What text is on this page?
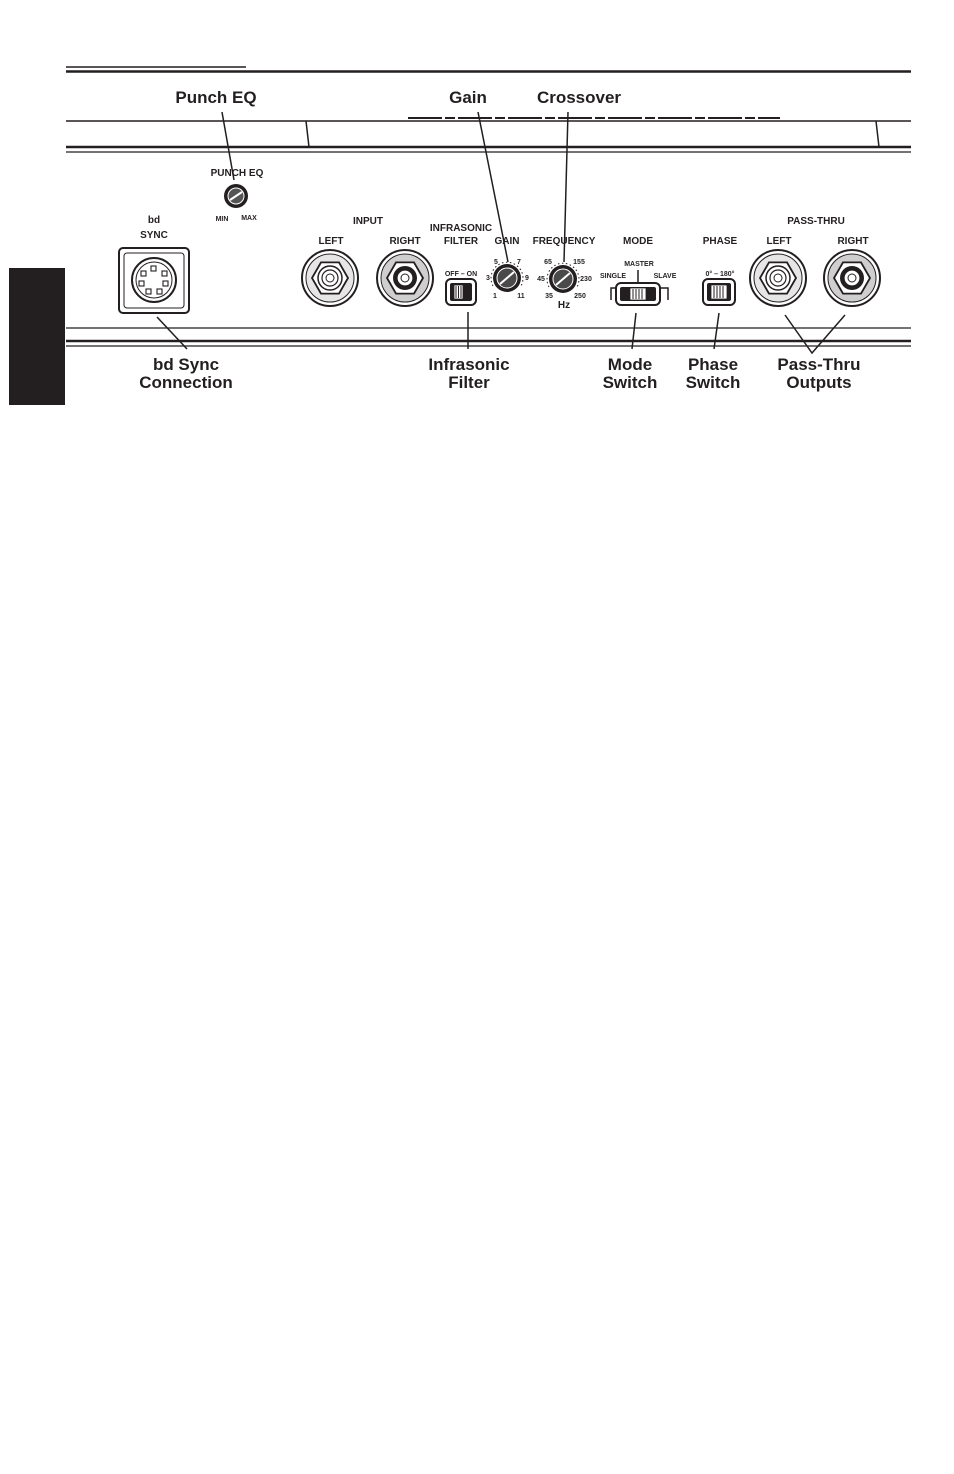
PUNCH EQ
MIN MAX
bd
SYNC
INPUT
LEFT	RIGHT
INFRASONIC
FILTER
OFF – ON
GAIN
1
3
5	7
9
11
FREQUENCY
35
45
65	155
230
250
Hz
MODE
MASTER
SINGLE	SLAVE
PHASE
0° – 180°
PASS-THRU
LEFT	RIGHT
Punch EQ	Gain	Crossover
bd Sync
Connection
Infrasonic
Filter
Mode
Switch
Phase
Switch
Pass-Thru
Outputs
